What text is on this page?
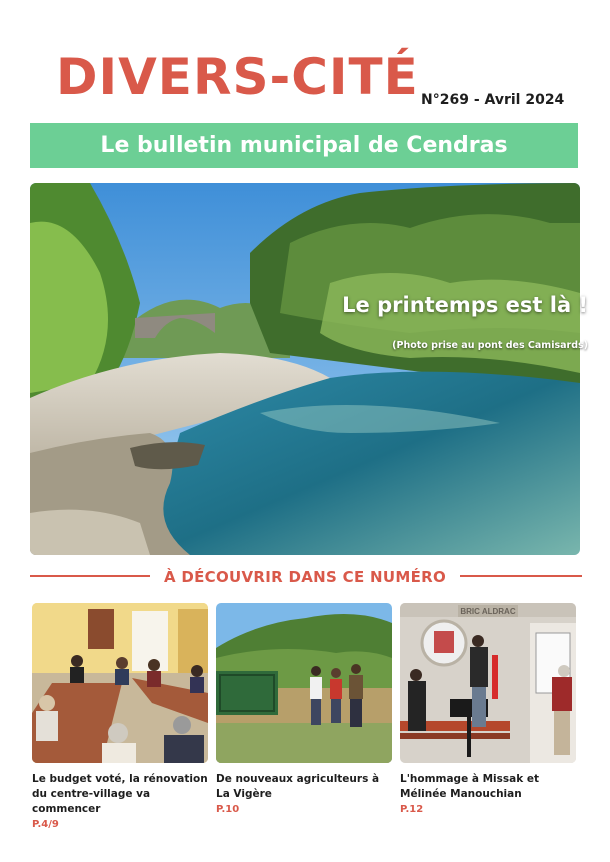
DIVERS-CITÉ N°269 - Avril 2024
Le bulletin municipal de Cendras
Le printemps est là !
(Photo prise au pont des Camisards)
À DÉCOUVRIR DANS CE NUMÉRO
Le budget voté, la rénovation du centre-village va commencer
P.4/9
De nouveaux agriculteurs à La Vigère
P.10
BRIC ALDRAC
L'hommage à Missak et Mélinée Manouchian
P.12
